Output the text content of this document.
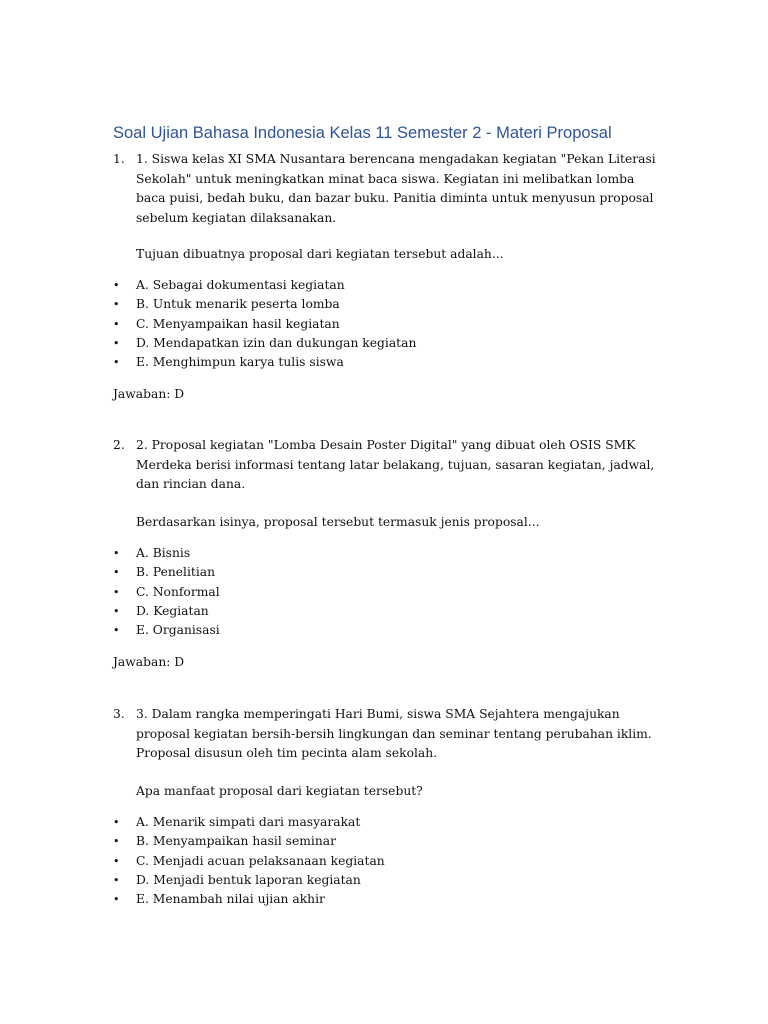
Soal Ujian Bahasa Indonesia Kelas 11 Semester 2 - Materi Proposal
1. 1. Siswa kelas XI SMA Nusantara berencana mengadakan kegiatan "Pekan Literasi Sekolah" untuk meningkatkan minat baca siswa. Kegiatan ini melibatkan lomba baca puisi, bedah buku, dan bazar buku. Panitia diminta untuk menyusun proposal sebelum kegiatan dilaksanakan.
Tujuan dibuatnya proposal dari kegiatan tersebut adalah...
• A. Sebagai dokumentasi kegiatan
• B. Untuk menarik peserta lomba
• C. Menyampaikan hasil kegiatan
• D. Mendapatkan izin dan dukungan kegiatan
• E. Menghimpun karya tulis siswa
Jawaban: D
2. 2. Proposal kegiatan "Lomba Desain Poster Digital" yang dibuat oleh OSIS SMK Merdeka berisi informasi tentang latar belakang, tujuan, sasaran kegiatan, jadwal, dan rincian dana.
Berdasarkan isinya, proposal tersebut termasuk jenis proposal...
• A. Bisnis
• B. Penelitian
• C. Nonformal
• D. Kegiatan
• E. Organisasi
Jawaban: D
3. 3. Dalam rangka memperingati Hari Bumi, siswa SMA Sejahtera mengajukan proposal kegiatan bersih-bersih lingkungan dan seminar tentang perubahan iklim. Proposal disusun oleh tim pecinta alam sekolah.
Apa manfaat proposal dari kegiatan tersebut?
• A. Menarik simpati dari masyarakat
• B. Menyampaikan hasil seminar
• C. Menjadi acuan pelaksanaan kegiatan
• D. Menjadi bentuk laporan kegiatan
• E. Menambah nilai ujian akhir
